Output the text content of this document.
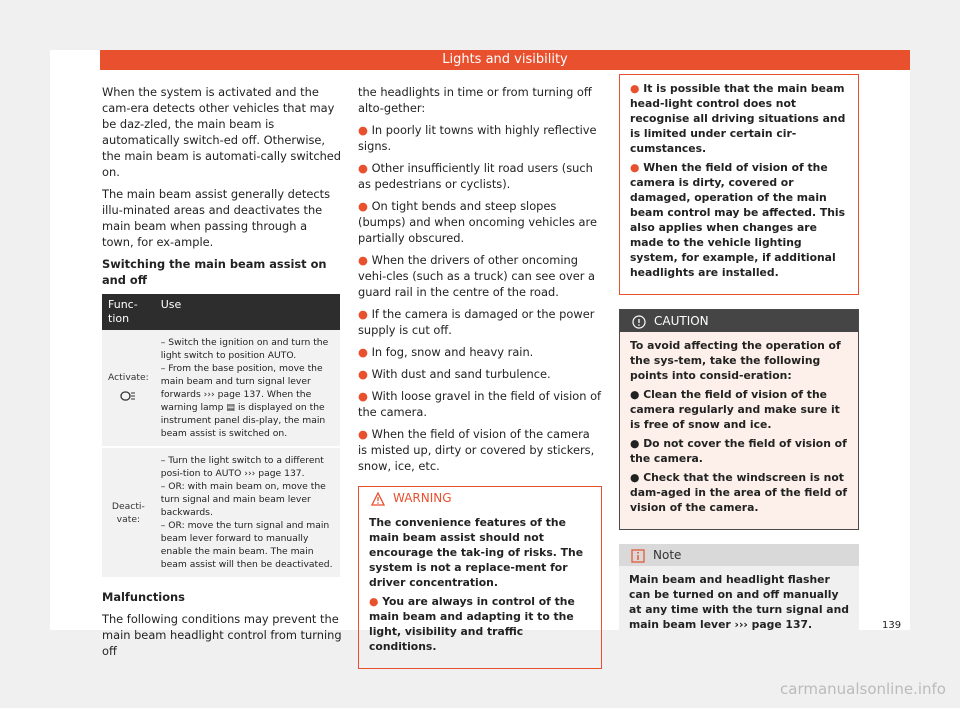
Lights and visibility

When the system is activated and the cam-era detects other vehicles that may be daz-zled, the main beam is automatically switch-ed off. Otherwise, the main beam is automati-cally switched on.

The main beam assist generally detects illu-minated areas and deactivates the main beam when passing through a town, for ex-ample.

Switching the main beam assist on and off

Func-tion	Use

Activate:	– Switch the ignition on and turn the light switch to position AUTO.
– From the base position, move the main beam and turn signal lever forwards ››› page 137. When the warning lamp ▤ is displayed on the instrument panel dis-play, the main beam assist is switched on.
Deacti-vate:	– Turn the light switch to a different posi-tion to AUTO ››› page 137.
– OR: with main beam on, move the turn signal and main beam lever backwards.
– OR: move the turn signal and main beam lever forward to manually enable the main beam. The main beam assist will then be deactivated.

Malfunctions

The following conditions may prevent the main beam headlight control from turning off

the headlights in time or from turning off alto-gether:

● In poorly lit towns with highly reflective signs.

● Other insufficiently lit road users (such as pedestrians or cyclists).

● On tight bends and steep slopes (bumps) and when oncoming vehicles are partially obscured.

● When the drivers of other oncoming vehi-cles (such as a truck) can see over a guard rail in the centre of the road.

● If the camera is damaged or the power supply is cut off.

● In fog, snow and heavy rain.

● With dust and sand turbulence.

● With loose gravel in the field of vision of the camera.

● When the field of vision of the camera is misted up, dirty or covered by stickers, snow, ice, etc.

WARNING

The convenience features of the main beam assist should not encourage the tak-ing of risks. The system is not a replace-ment for driver concentration.

● You are always in control of the main beam and adapting it to the light, visibility and traffic conditions.

● It is possible that the main beam head-light control does not recognise all driving situations and is limited under certain cir-cumstances.

● When the field of vision of the camera is dirty, covered or damaged, operation of the main beam control may be affected. This also applies when changes are made to the vehicle lighting system, for example, if additional headlights are installed.

CAUTION

To avoid affecting the operation of the sys-tem, take the following points into consid-eration:

● Clean the field of vision of the camera regularly and make sure it is free of snow and ice.

● Do not cover the field of vision of the camera.

● Check that the windscreen is not dam-aged in the area of the field of vision of the camera.

Note
Main beam and headlight flasher can be turned on and off manually at any time with the turn signal and main beam lever ››› page 137.	139
carmanualsonline.info
